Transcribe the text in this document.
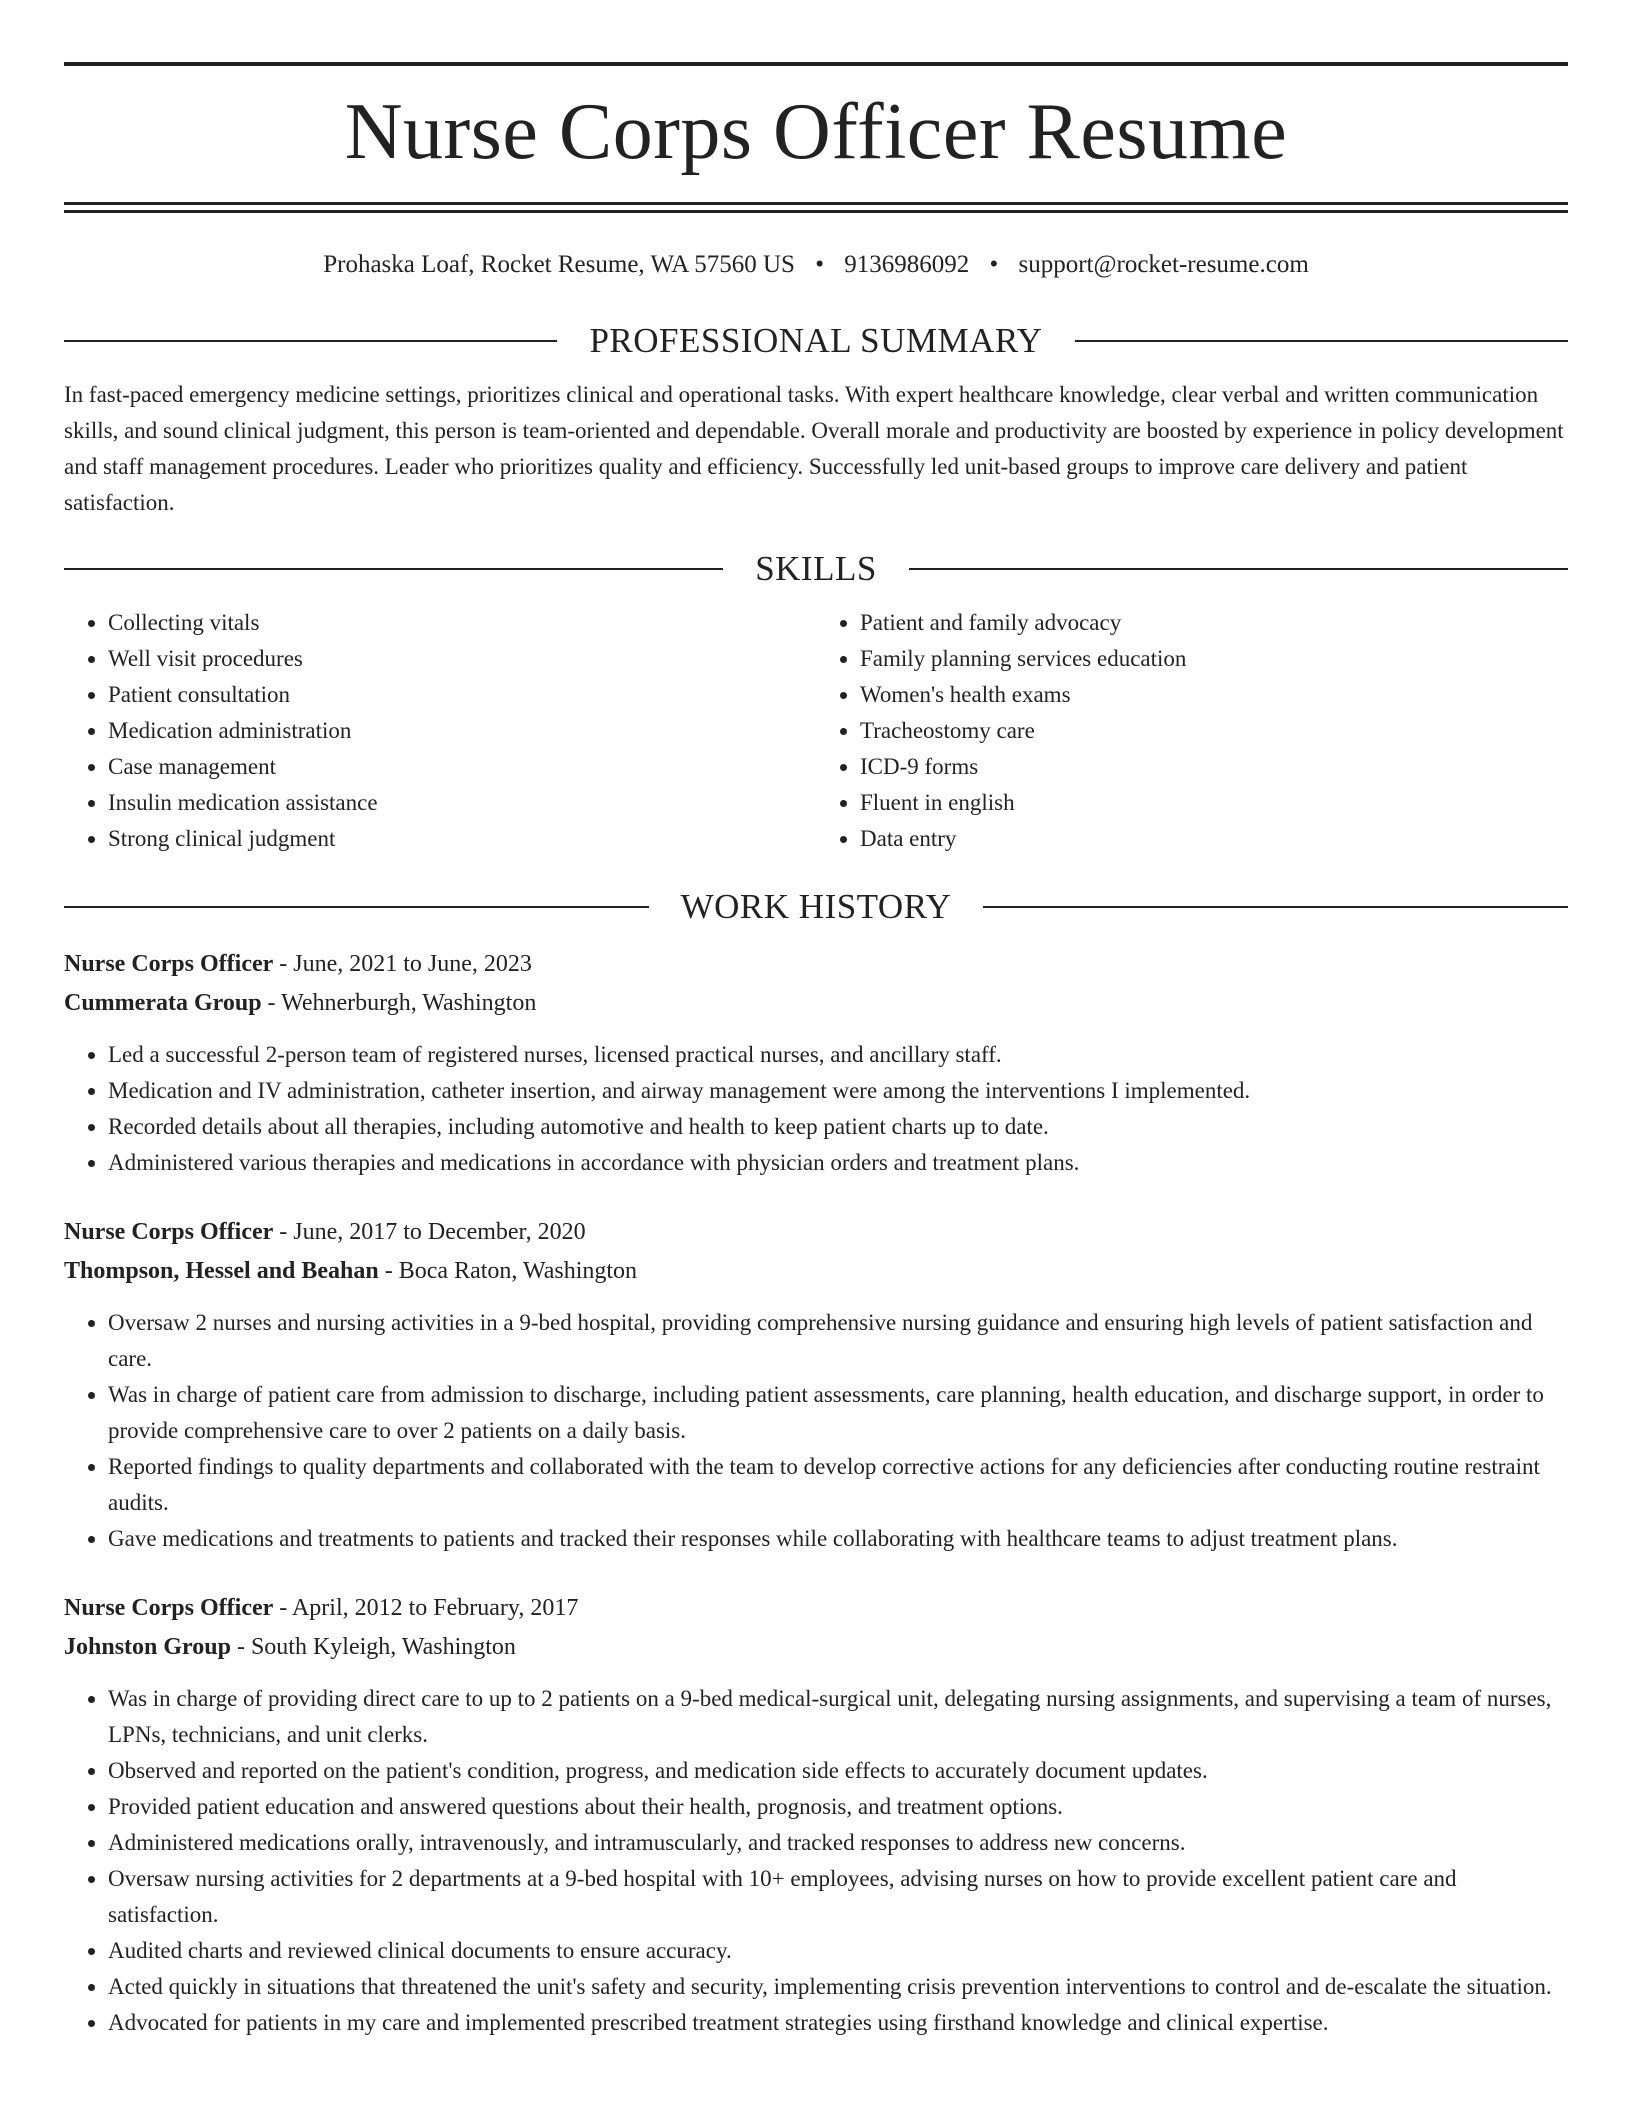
Nurse Corps Officer Resume
Prohaska Loaf, Rocket Resume, WA 57560 US • 9136986092 • support@rocket-resume.com
PROFESSIONAL SUMMARY

In fast-paced emergency medicine settings, prioritizes clinical and operational tasks. With expert healthcare knowledge, clear verbal and written communication skills, and sound clinical judgment, this person is team-oriented and dependable. Overall morale and productivity are boosted by experience in policy development and staff management procedures. Leader who prioritizes quality and efficiency. Successfully led unit-based groups to improve care delivery and patient satisfaction.

SKILLS
• Collecting vitals
• Well visit procedures
• Patient consultation
• Medication administration
• Case management
• Insulin medication assistance
• Strong clinical judgment
• Patient and family advocacy
• Family planning services education
• Women's health exams
• Tracheostomy care
• ICD-9 forms
• Fluent in english
• Data entry
WORK HISTORY
Nurse Corps Officer - June, 2021 to June, 2023
Cummerata Group - Wehnerburgh, Washington
• Led a successful 2-person team of registered nurses, licensed practical nurses, and ancillary staff.
• Medication and IV administration, catheter insertion, and airway management were among the interventions I implemented.
• Recorded details about all therapies, including automotive and health to keep patient charts up to date.
• Administered various therapies and medications in accordance with physician orders and treatment plans.
Nurse Corps Officer - June, 2017 to December, 2020
Thompson, Hessel and Beahan - Boca Raton, Washington
• Oversaw 2 nurses and nursing activities in a 9-bed hospital, providing comprehensive nursing guidance and ensuring high levels of patient satisfaction and care.
• Was in charge of patient care from admission to discharge, including patient assessments, care planning, health education, and discharge support, in order to provide comprehensive care to over 2 patients on a daily basis.
• Reported findings to quality departments and collaborated with the team to develop corrective actions for any deficiencies after conducting routine restraint audits.
• Gave medications and treatments to patients and tracked their responses while collaborating with healthcare teams to adjust treatment plans.
Nurse Corps Officer - April, 2012 to February, 2017
Johnston Group - South Kyleigh, Washington
• Was in charge of providing direct care to up to 2 patients on a 9-bed medical-surgical unit, delegating nursing assignments, and supervising a team of nurses, LPNs, technicians, and unit clerks.
• Observed and reported on the patient's condition, progress, and medication side effects to accurately document updates.
• Provided patient education and answered questions about their health, prognosis, and treatment options.
• Administered medications orally, intravenously, and intramuscularly, and tracked responses to address new concerns.
• Oversaw nursing activities for 2 departments at a 9-bed hospital with 10+ employees, advising nurses on how to provide excellent patient care and satisfaction.
• Audited charts and reviewed clinical documents to ensure accuracy.
• Acted quickly in situations that threatened the unit's safety and security, implementing crisis prevention interventions to control and de-escalate the situation.
• Advocated for patients in my care and implemented prescribed treatment strategies using firsthand knowledge and clinical expertise.
